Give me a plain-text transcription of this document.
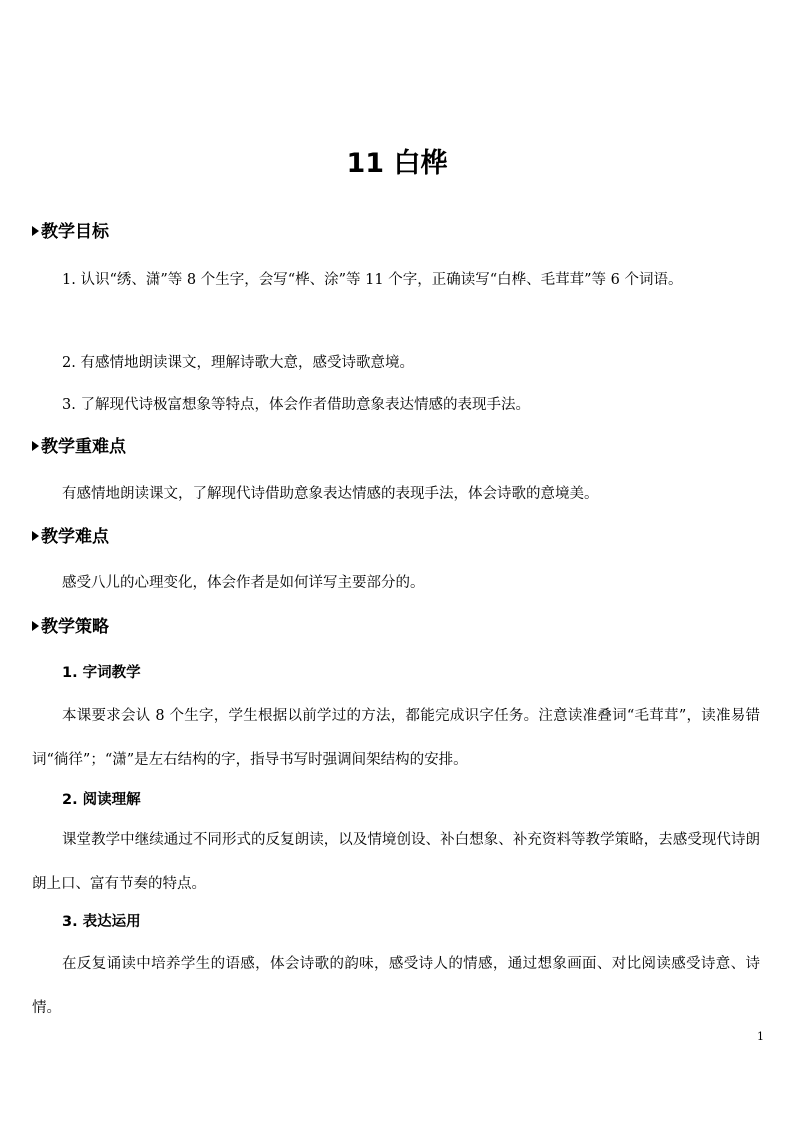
11 白桦
教学目标
1. 认识“绣、潇”等 8 个生字，会写“桦、涂”等 11 个字，正确读写“白桦、毛茸茸”等 6 个词语。
2. 有感情地朗读课文，理解诗歌大意，感受诗歌意境。
3. 了解现代诗极富想象等特点，体会作者借助意象表达情感的表现手法。
教学重难点
有感情地朗读课文，了解现代诗借助意象表达情感的表现手法，体会诗歌的意境美。
教学难点
感受八儿的心理变化，体会作者是如何详写主要部分的。
教学策略
1. 字词教学
本课要求会认 8 个生字，学生根据以前学过的方法，都能完成识字任务。注意读准叠词“毛茸茸”，读准易错词“徜徉”；“潇”是左右结构的字，指导书写时强调间架结构的安排。
2. 阅读理解
课堂教学中继续通过不同形式的反复朗读，以及情境创设、补白想象、补充资料等教学策略，去感受现代诗朗朗上口、富有节奏的特点。
3. 表达运用
在反复诵读中培养学生的语感，体会诗歌的韵味，感受诗人的情感，通过想象画面、对比阅读感受诗意、诗情。
1
